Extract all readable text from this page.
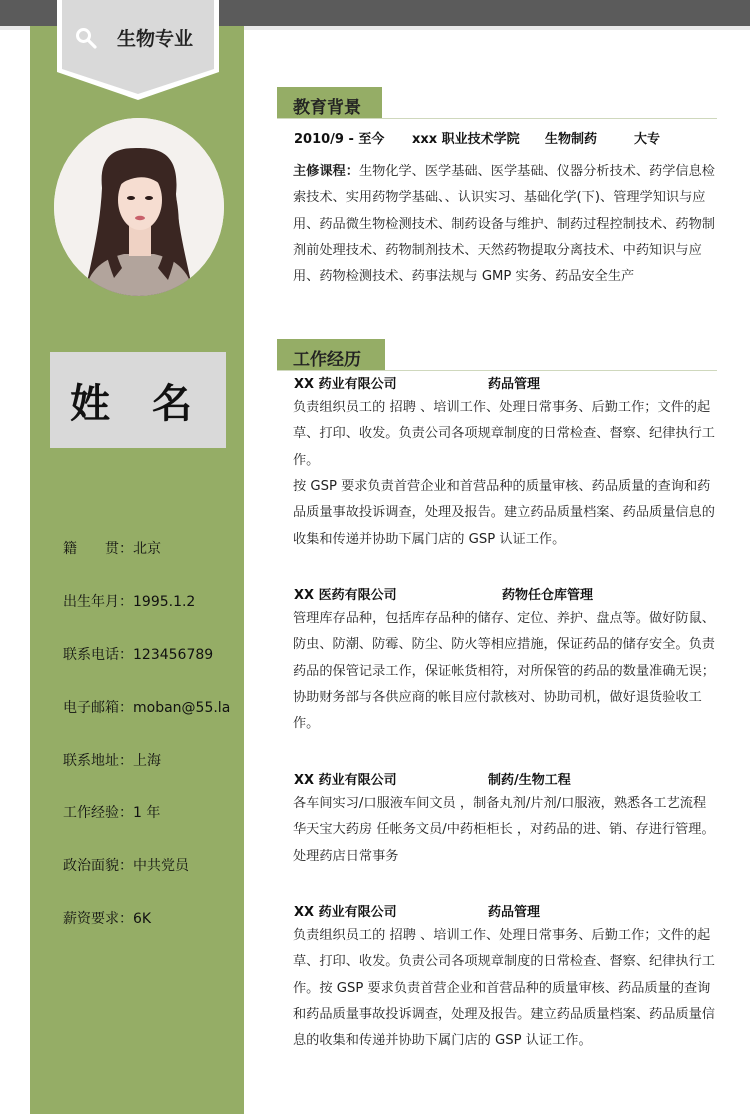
生物专业
姓 名
籍　　贯：北京
出生年月：1995.1.2
联系电话：123456789
电子邮箱：moban@55.la
联系地址：上海
工作经验：1 年
政治面貌：中共党员
薪资要求：6K
教育背景
2010/9 - 至今 xxx 职业技术学院 生物制药	大专
主修课程：生物化学、医学基础、医学基础、仪器分析技术、药学信息检索技术、实用药物学基础、、认识实习、基础化学(下)、管理学知识与应用、药品微生物检测技术、制药设备与维护、制药过程控制技术、药物制剂前处理技术、药物制剂技术、天然药物提取分离技术、中药知识与应用、药物检测技术、药事法规与 GMP 实务、药品安全生产
工作经历
XX 药业有限公司	药品管理
负责组织员工的 招聘 、培训工作、处理日常事务、后勤工作；文件的起草、打印、收发。负责公司各项规章制度的日常检查、督察、纪律执行工作。
按 GSP 要求负责首营企业和首营品种的质量审核、药品质量的查询和药品质量事故投诉调查，处理及报告。建立药品质量档案、药品质量信息的收集和传递并协助下属门店的 GSP 认证工作。
XX 医药有限公司	药物任仓库管理
管理库存品种，包括库存品种的储存、定位、养护、盘点等。做好防鼠、防虫、防潮、防霉、防尘、防火等相应措施，保证药品的储存安全。负责药品的保管记录工作，保证帐货相符，对所保管的药品的数量准确无误；协助财务部与各供应商的帐目应付款核对、协助司机，做好退货验收工作。
XX 药业有限公司	制药/生物工程
各车间实习/口服液车间文员 ，制备丸剂/片剂/口服液，熟悉各工艺流程华天宝大药房 任帐务文员/中药柜柜长 ，对药品的进、销、存进行管理。处理药店日常事务
XX 药业有限公司	药品管理
负责组织员工的 招聘 、培训工作、处理日常事务、后勤工作；文件的起草、打印、收发。负责公司各项规章制度的日常检查、督察、纪律执行工作。按 GSP 要求负责首营企业和首营品种的质量审核、药品质量的查询和药品质量事故投诉调查，处理及报告。建立药品质量档案、药品质量信息的收集和传递并协助下属门店的 GSP 认证工作。
